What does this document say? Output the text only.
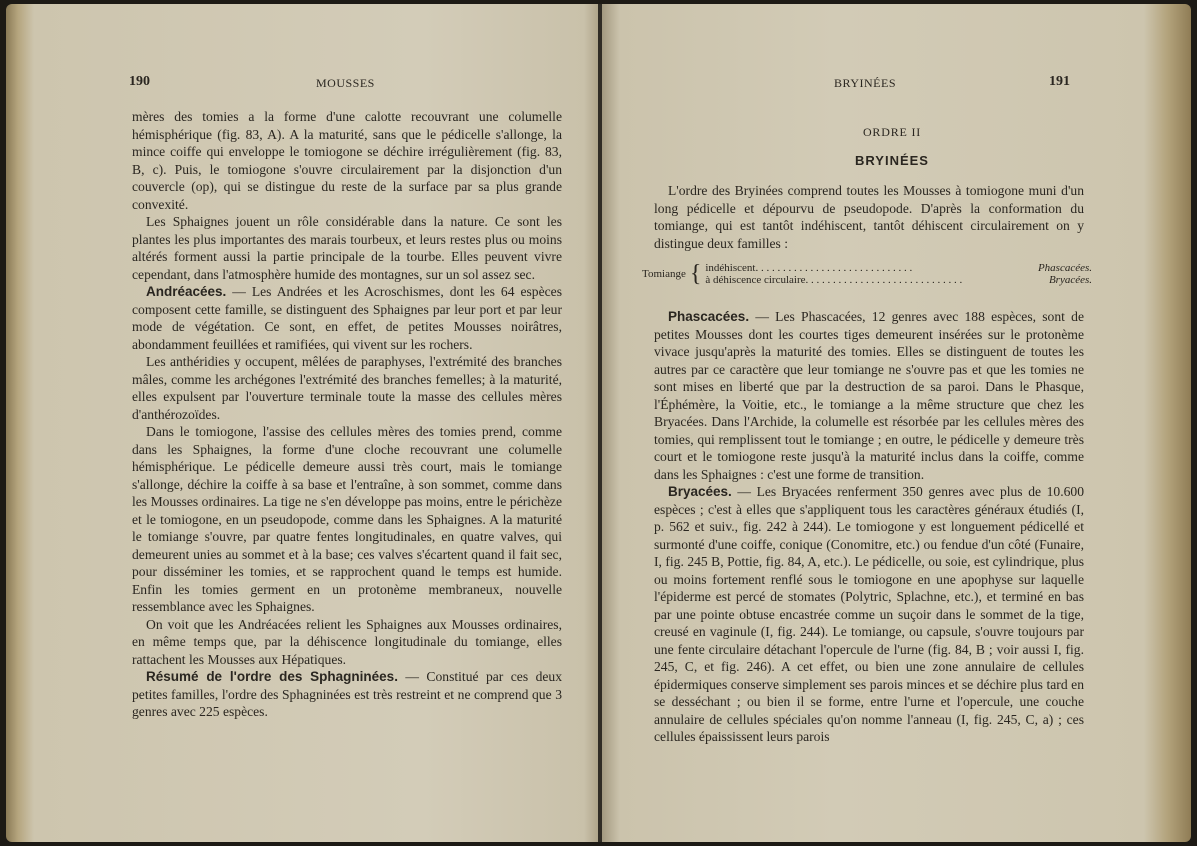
190	MOUSSES

mères des tomies a la forme d'une calotte recouvrant une columelle hémisphérique (fig. 83, A). A la maturité, sans que le pédicelle s'allonge, la mince coiffe qui enveloppe le tomiogone se déchire irrégulièrement (fig. 83, B, c). Puis, le tomiogone s'ouvre circulairement par la disjonction d'un couvercle (op), qui se distingue du reste de la surface par sa plus grande convexité.

Les Sphaignes jouent un rôle considérable dans la nature. Ce sont les plantes les plus importantes des marais tourbeux, et leurs restes plus ou moins altérés forment aussi la partie principale de la tourbe. Elles peuvent vivre cependant, dans l'atmosphère humide des montagnes, sur un sol assez sec.

Andréacées. — Les Andrées et les Acroschismes, dont les 64 espèces composent cette famille, se distinguent des Sphaignes par leur port et par leur mode de végétation. Ce sont, en effet, de petites Mousses noirâtres, abondamment feuillées et ramifiées, qui vivent sur les rochers.

Les anthéridies y occupent, mêlées de paraphyses, l'extrémité des branches mâles, comme les archégones l'extrémité des branches femelles; à la maturité, elles expulsent par l'ouverture terminale toute la masse des cellules mères d'anthérozoïdes.

Dans le tomiogone, l'assise des cellules mères des tomies prend, comme dans les Sphaignes, la forme d'une cloche recouvrant une columelle hémisphérique. Le pédicelle demeure aussi très court, mais le tomiange s'allonge, déchire la coiffe à sa base et l'entraîne, à son sommet, comme dans les Mousses ordinaires. La tige ne s'en développe pas moins, entre le périchèze et le tomiogone, en un pseudopode, comme dans les Sphaignes. A la maturité le tomiange s'ouvre, par quatre fentes longitudinales, en quatre valves, qui demeurent unies au sommet et à la base; ces valves s'écartent quand il fait sec, pour disséminer les tomies, et se rapprochent quand le temps est humide. Enfin les tomies germent en un protonème membraneux, nouvelle ressemblance avec les Sphaignes.

On voit que les Andréacées relient les Sphaignes aux Mousses ordinaires, en même temps que, par la déhiscence longitudinale du tomiange, elles rattachent les Mousses aux Hépatiques.

Résumé de l'ordre des Sphagninées. — Constitué par ces deux petites familles, l'ordre des Sphagninées est très restreint et ne comprend que 3 genres avec 225 espèces.

BRYINÉES	191
ORDRE II
BRYINÉES

L'ordre des Bryinées comprend toutes les Mousses à tomiogone muni d'un long pédicelle et dépourvu de pseudopode. D'après la conformation du tomiange, qui est tantôt indéhiscent, tantôt déhiscent circulairement on y distingue deux familles :

Tomiange { indéhiscent . . . . . . . . . . . . . . . . . . . . . . . . . . . . .	Phascacées.
à déhiscence circulaire . . . . . . . . . . . . . . . . . . . . . . . . . . . . .	Bryacées.

Phascacées. — Les Phascacées, 12 genres avec 188 espèces, sont de petites Mousses dont les courtes tiges demeurent insérées sur le protonème vivace jusqu'après la maturité des tomies. Elles se distinguent de toutes les autres par ce caractère que leur tomiange ne s'ouvre pas et que les tomies ne sont mises en liberté que par la destruction de sa paroi. Dans le Phasque, l'Éphémère, la Voitie, etc., le tomiange a la même structure que chez les Bryacées. Dans l'Archide, la columelle est résorbée par les cellules mères des tomies, qui remplissent tout le tomiange ; en outre, le pédicelle y demeure très court et le tomiogone reste jusqu'à la maturité inclus dans la coiffe, comme dans les Sphaignes : c'est une forme de transition.

Bryacées. — Les Bryacées renferment 350 genres avec plus de 10.600 espèces ; c'est à elles que s'appliquent tous les caractères généraux étudiés (I, p. 562 et suiv., fig. 242 à 244). Le tomiogone y est longuement pédicellé et surmonté d'une coiffe, conique (Conomitre, etc.) ou fendue d'un côté (Funaire, I, fig. 245 B, Pottie, fig. 84, A, etc.). Le pédicelle, ou soie, est cylindrique, plus ou moins fortement renflé sous le tomiogone en une apophyse sur laquelle l'épiderme est percé de stomates (Polytric, Splachne, etc.), et terminé en bas par une pointe obtuse encastrée comme un suçoir dans le sommet de la tige, creusé en vaginule (I, fig. 244). Le tomiange, ou capsule, s'ouvre toujours par une fente circulaire détachant l'opercule de l'urne (fig. 84, B ; voir aussi I, fig. 245, C, et fig. 246). A cet effet, ou bien une zone annulaire de cellules épidermiques conserve simplement ses parois minces et se déchire plus tard en se desséchant ; ou bien il se forme, entre l'urne et l'opercule, une couche annulaire de cellules spéciales qu'on nomme l'anneau (I, fig. 245, C, a) ; ces cellules épaississent leurs parois
